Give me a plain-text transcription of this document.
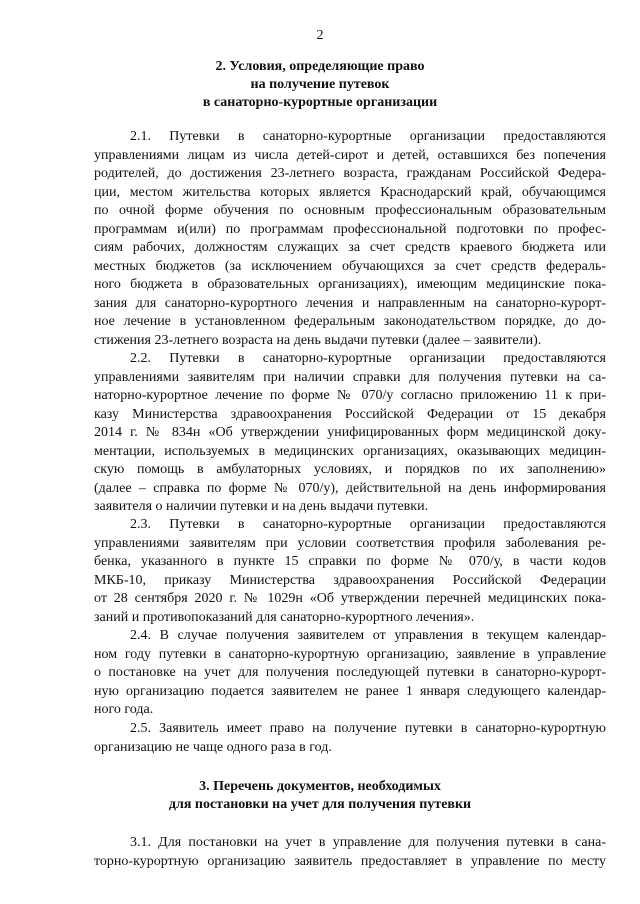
2
2. Условия, определяющие право
на получение путевок
в санаторно-курортные организации
2.1. Путевки в санаторно-курортные организации предоставляются
управлениями лицам из числа детей-сирот и детей, оставшихся без попечения
родителей, до достижения 23-летнего возраста, гражданам Российской Федера-
ции, местом жительства которых является Краснодарский край, обучающимся
по очной форме обучения по основным профессиональным образовательным
программам и(или) по программам профессиональной подготовки по профес-
сиям рабочих, должностям служащих за счет средств краевого бюджета или
местных бюджетов (за исключением обучающихся за счет средств федераль-
ного бюджета в образовательных организациях), имеющим медицинские пока-
зания для санаторно-курортного лечения и направленным на санаторно-курорт-
ное лечение в установленном федеральным законодательством порядке, до до-
стижения 23-летнего возраста на день выдачи путевки (далее – заявители).
2.2. Путевки в санаторно-курортные организации предоставляются
управлениями заявителям при наличии справки для получения путевки на са-
наторно-курортное лечение по форме № 070/у согласно приложению 11 к при-
казу Министерства здравоохранения Российской Федерации от 15 декабря
2014 г. № 834н «Об утверждении унифицированных форм медицинской доку-
ментации, используемых в медицинских организациях, оказывающих медицин-
скую помощь в амбулаторных условиях, и порядков по их заполнению»
(далее – справка по форме № 070/у), действительной на день информирования
заявителя о наличии путевки и на день выдачи путевки.
2.3. Путевки в санаторно-курортные организации предоставляются
управлениями заявителям при условии соответствия профиля заболевания ре-
бенка, указанного в пункте 15 справки по форме № 070/у, в части кодов
МКБ-10, приказу Министерства здравоохранения Российской Федерации
от 28 сентября 2020 г. № 1029н «Об утверждении перечней медицинских пока-
заний и противопоказаний для санаторно-курортного лечения».
2.4. В случае получения заявителем от управления в текущем календар-
ном году путевки в санаторно-курортную организацию, заявление в управление
о постановке на учет для получения последующей путевки в санаторно-курорт-
ную организацию подается заявителем не ранее 1 января следующего календар-
ного года.
2.5. Заявитель имеет право на получение путевки в санаторно-курортную
организацию не чаще одного раза в год.
3. Перечень документов, необходимых
для постановки на учет для получения путевки
3.1. Для постановки на учет в управление для получения путевки в сана-
торно-курортную организацию заявитель предоставляет в управление по месту
